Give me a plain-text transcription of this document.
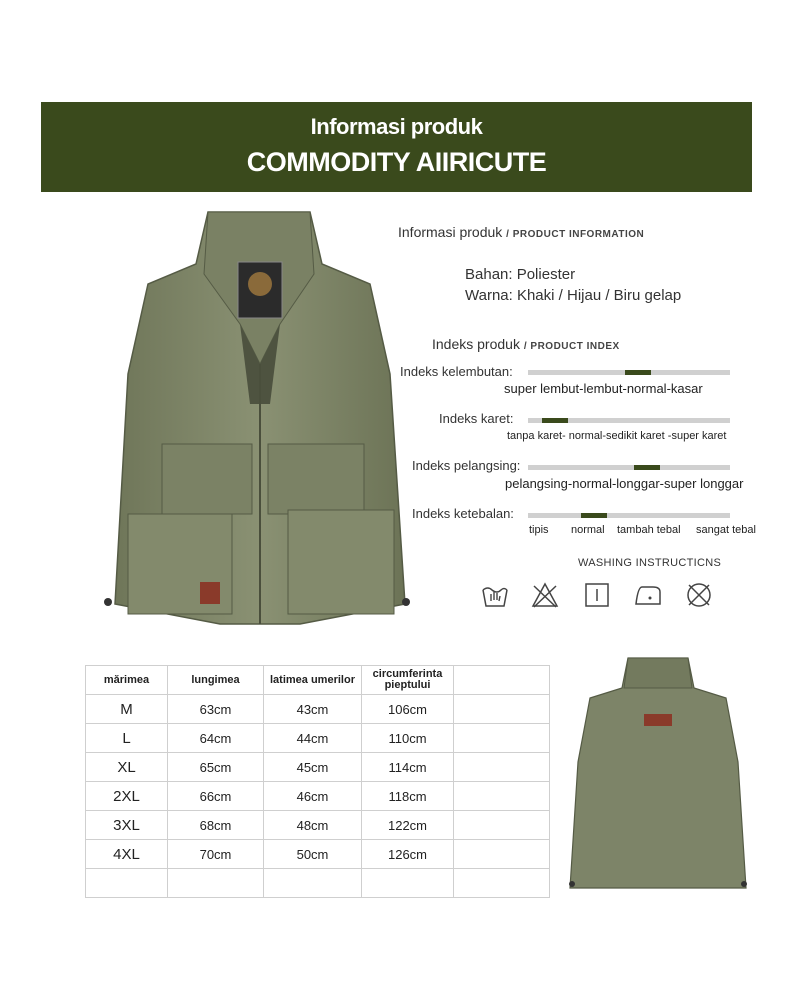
Informasi produk
COMMODITY AIIRICUTE
Informasi produk / PRODUCT INFORMATION
Bahan: Poliester
Warna: Khaki / Hijau / Biru gelap
Indeks produk / PRODUCT INDEX
Indeks kelembutan:
super lembut-lembut-normal-kasar
Indeks karet:
tanpa karet- normal-sedikit karet -super karet
Indeks pelangsing:
pelangsing-normal-longgar-super longgar
Indeks ketebalan:
tipis normal tambah tebal sangat tebal
WASHING INSTRUCTICNS
mărimea	lungimea	latimea umerilor	circumferinta pieptului	
M	63cm	43cm	106cm	
L	64cm	44cm	110cm	
XL	65cm	45cm	114cm	
2XL	66cm	46cm	118cm	
3XL	68cm	48cm	122cm	
4XL	70cm	50cm	126cm	
